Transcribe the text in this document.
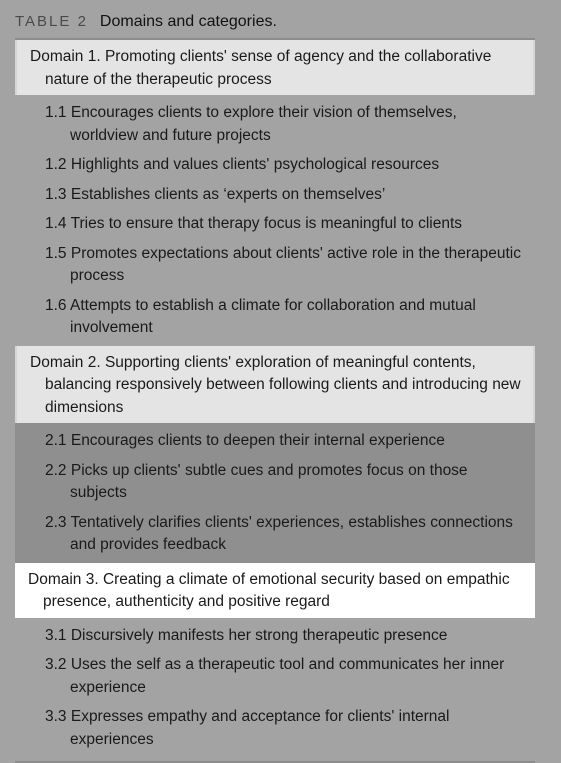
TABLE 2 Domains and categories.
Domain 1. Promoting clients' sense of agency and the collaborative nature of the therapeutic process
1.1 Encourages clients to explore their vision of themselves, worldview and future projects
1.2 Highlights and values clients' psychological resources
1.3 Establishes clients as ‘experts on themselves’
1.4 Tries to ensure that therapy focus is meaningful to clients
1.5 Promotes expectations about clients' active role in the therapeutic process
1.6 Attempts to establish a climate for collaboration and mutual involvement
Domain 2. Supporting clients' exploration of meaningful contents, balancing responsively between following clients and introducing new dimensions
2.1 Encourages clients to deepen their internal experience
2.2 Picks up clients' subtle cues and promotes focus on those subjects
2.3 Tentatively clarifies clients' experiences, establishes connections and provides feedback
Domain 3. Creating a climate of emotional security based on empathic presence, authenticity and positive regard
3.1 Discursively manifests her strong therapeutic presence
3.2 Uses the self as a therapeutic tool and communicates her inner experience
3.3 Expresses empathy and acceptance for clients' internal experiences
